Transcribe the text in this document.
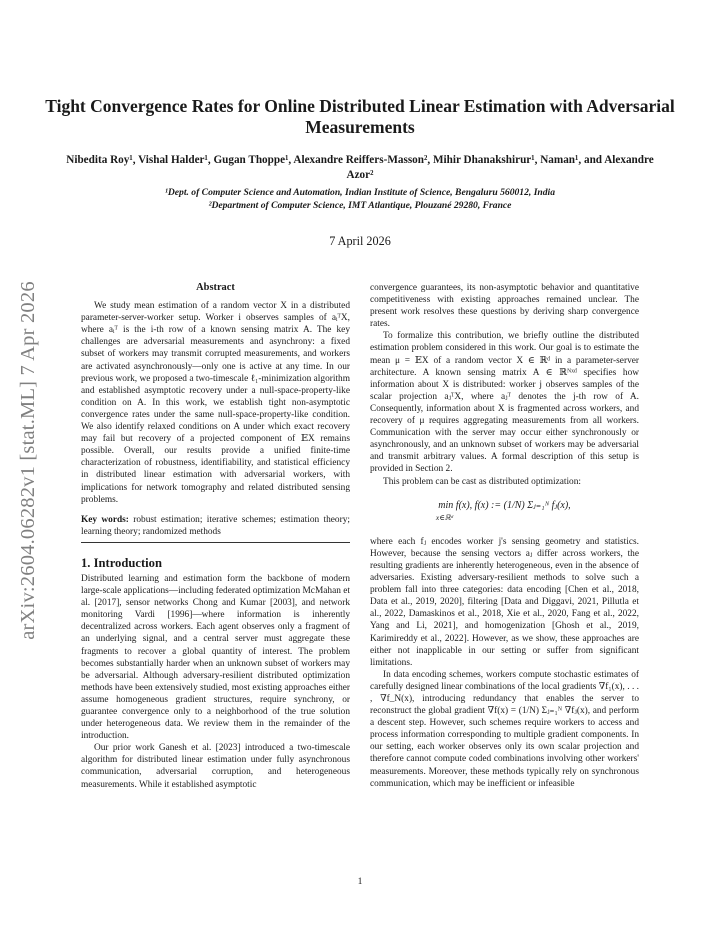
arXiv:2604.06282v1 [stat.ML] 7 Apr 2026
Tight Convergence Rates for Online Distributed Linear Estimation with Adversarial Measurements
Nibedita Roy¹, Vishal Halder¹, Gugan Thoppe¹, Alexandre Reiffers-Masson², Mihir Dhanakshirur¹, Naman¹, and Alexandre Azor²
¹Dept. of Computer Science and Automation, Indian Institute of Science, Bengaluru 560012, India
²Department of Computer Science, IMT Atlantique, Plouzané 29280, France
7 April 2026

Abstract

We study mean estimation of a random vector X in a distributed parameter-server-worker setup. Worker i observes samples of aᵢᵀX, where aᵢᵀ is the i-th row of a known sensing matrix A. The key challenges are adversarial measurements and asynchrony: a fixed subset of workers may transmit corrupted measurements, and workers are activated asynchronously—only one is active at any time. In our previous work, we proposed a two-timescale ℓ₁-minimization algorithm and established asymptotic recovery under a null-space-property-like condition on A. In this work, we establish tight non-asymptotic convergence rates under the same null-space-property-like condition. We also identify relaxed conditions on A under which exact recovery may fail but recovery of a projected component of 𝔼X remains possible. Overall, our results provide a unified finite-time characterization of robustness, identifiability, and statistical efficiency in distributed linear estimation with adversarial workers, with implications for network tomography and related distributed sensing problems.

Key words: robust estimation; iterative schemes; estimation theory; learning theory; randomized methods

1. Introduction

Distributed learning and estimation form the backbone of modern large-scale applications—including federated optimization McMahan et al. [2017], sensor networks Chong and Kumar [2003], and network monitoring Vardi [1996]—where information is inherently decentralized across workers. Each agent observes only a fragment of an underlying signal, and a central server must aggregate these fragments to recover a global quantity of interest. The problem becomes substantially harder when an unknown subset of workers may be adversarial. Although adversary-resilient distributed optimization methods have been extensively studied, most existing approaches either assume homogeneous gradient structures, require synchrony, or guarantee convergence only to a neighborhood of the true solution under heterogeneous data. We review them in the remainder of the introduction.

Our prior work Ganesh et al. [2023] introduced a two-timescale algorithm for distributed linear estimation under fully asynchronous communication, adversarial corruption, and heterogeneous measurements. While it established asymptotic

convergence guarantees, its non-asymptotic behavior and quantitative competitiveness with existing approaches remained unclear. The present work resolves these questions by deriving sharp convergence rates.

To formalize this contribution, we briefly outline the distributed estimation problem considered in this work. Our goal is to estimate the mean μ = 𝔼X of a random vector X ∈ ℝᵈ in a parameter-server architecture. A known sensing matrix A ∈ ℝᴺˣᵈ specifies how information about X is distributed: worker j observes samples of the scalar projection aⱼᵀX, where aⱼᵀ denotes the j-th row of A. Consequently, information about X is fragmented across workers, and recovery of μ requires aggregating measurements from all workers. Communication with the server may occur either synchronously or asynchronously, and an unknown subset of workers may be adversarial and transmit arbitrary values. A formal description of this setup is provided in Section 2.

This problem can be cast as distributed optimization:

min f(x), f(x) := (1/N) Σⱼ₌₁ᴺ fⱼ(x),
x∈ℝᵈ

where each fⱼ encodes worker j's sensing geometry and statistics. However, because the sensing vectors aⱼ differ across workers, the resulting gradients are inherently heterogeneous, even in the absence of adversaries. Existing adversary-resilient methods to solve such a problem fall into three categories: data encoding [Chen et al., 2018, Data et al., 2019, 2020], filtering [Data and Diggavi, 2021, Pillutla et al., 2022, Damaskinos et al., 2018, Xie et al., 2020, Fang et al., 2022, Yang and Li, 2021], and homogenization [Ghosh et al., 2019, Karimireddy et al., 2022]. However, as we show, these approaches are either not inapplicable in our setting or suffer from significant limitations.

In data encoding schemes, workers compute stochastic estimates of carefully designed linear combinations of the local gradients ∇f₁(x), . . . , ∇f_N(x), introducing redundancy that enables the server to reconstruct the global gradient ∇f(x) = (1/N) Σⱼ₌₁ᴺ ∇fⱼ(x), and perform a descent step. However, such schemes require workers to access and process information corresponding to multiple gradient components. In our setting, each worker observes only its own scalar projection and therefore cannot compute coded combinations involving other workers' measurements. Moreover, these methods typically rely on synchronous communication, which may be inefficient or infeasible

1
